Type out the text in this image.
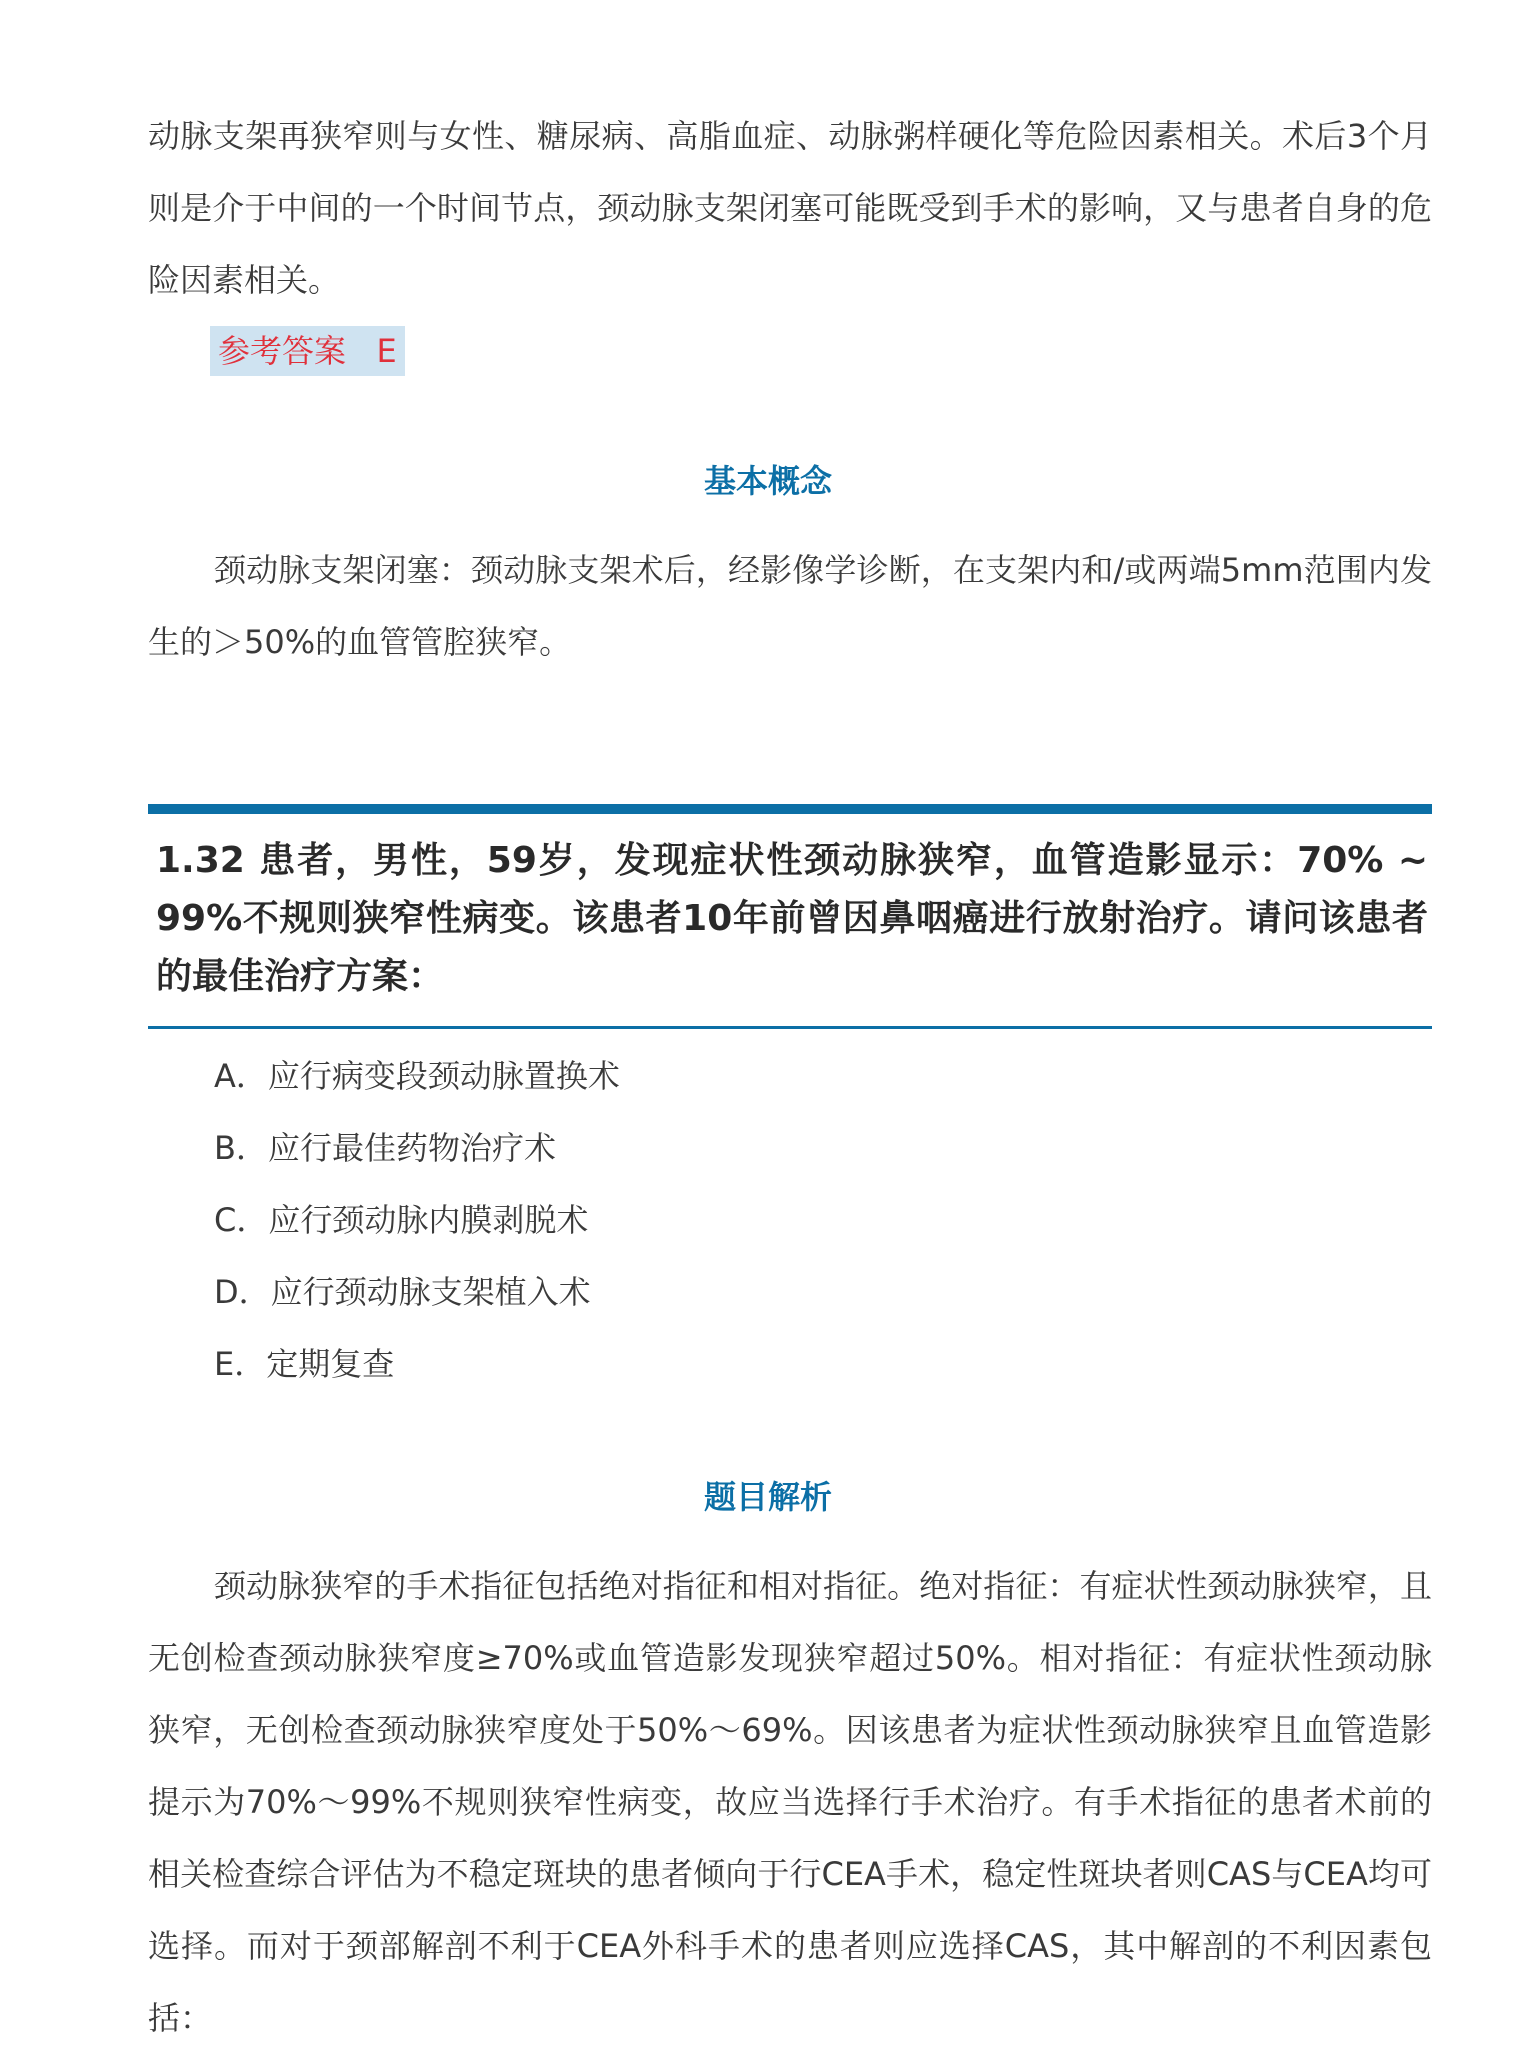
动脉支架再狭窄则与女性、糖尿病、高脂血症、动脉粥样硬化等危险因素相关。术后3个月则是介于中间的一个时间节点，颈动脉支架闭塞可能既受到手术的影响，又与患者自身的危险因素相关。

参考答案 E
基本概念

颈动脉支架闭塞：颈动脉支架术后，经影像学诊断，在支架内和/或两端5mm范围内发生的＞50%的血管管腔狭窄。

1.32 患者，男性，59岁，发现症状性颈动脉狭窄，血管造影显示：70% ~ 99%不规则狭窄性病变。该患者10年前曾因鼻咽癌进行放射治疗。请问该患者的最佳治疗方案：

A．应行病变段颈动脉置换术
B．应行最佳药物治疗术
C．应行颈动脉内膜剥脱术
D．应行颈动脉支架植入术
E．定期复查
题目解析

颈动脉狭窄的手术指征包括绝对指征和相对指征。绝对指征：有症状性颈动脉狭窄，且无创检查颈动脉狭窄度≥70%或血管造影发现狭窄超过50%。相对指征：有症状性颈动脉狭窄，无创检查颈动脉狭窄度处于50%～69%。因该患者为症状性颈动脉狭窄且血管造影提示为70%～99%不规则狭窄性病变，故应当选择行手术治疗。有手术指征的患者术前的相关检查综合评估为不稳定斑块的患者倾向于行CEA手术，稳定性斑块者则CAS与CEA均可选择。而对于颈部解剖不利于CEA外科手术的患者则应选择CAS，其中解剖的不利因素包括：
